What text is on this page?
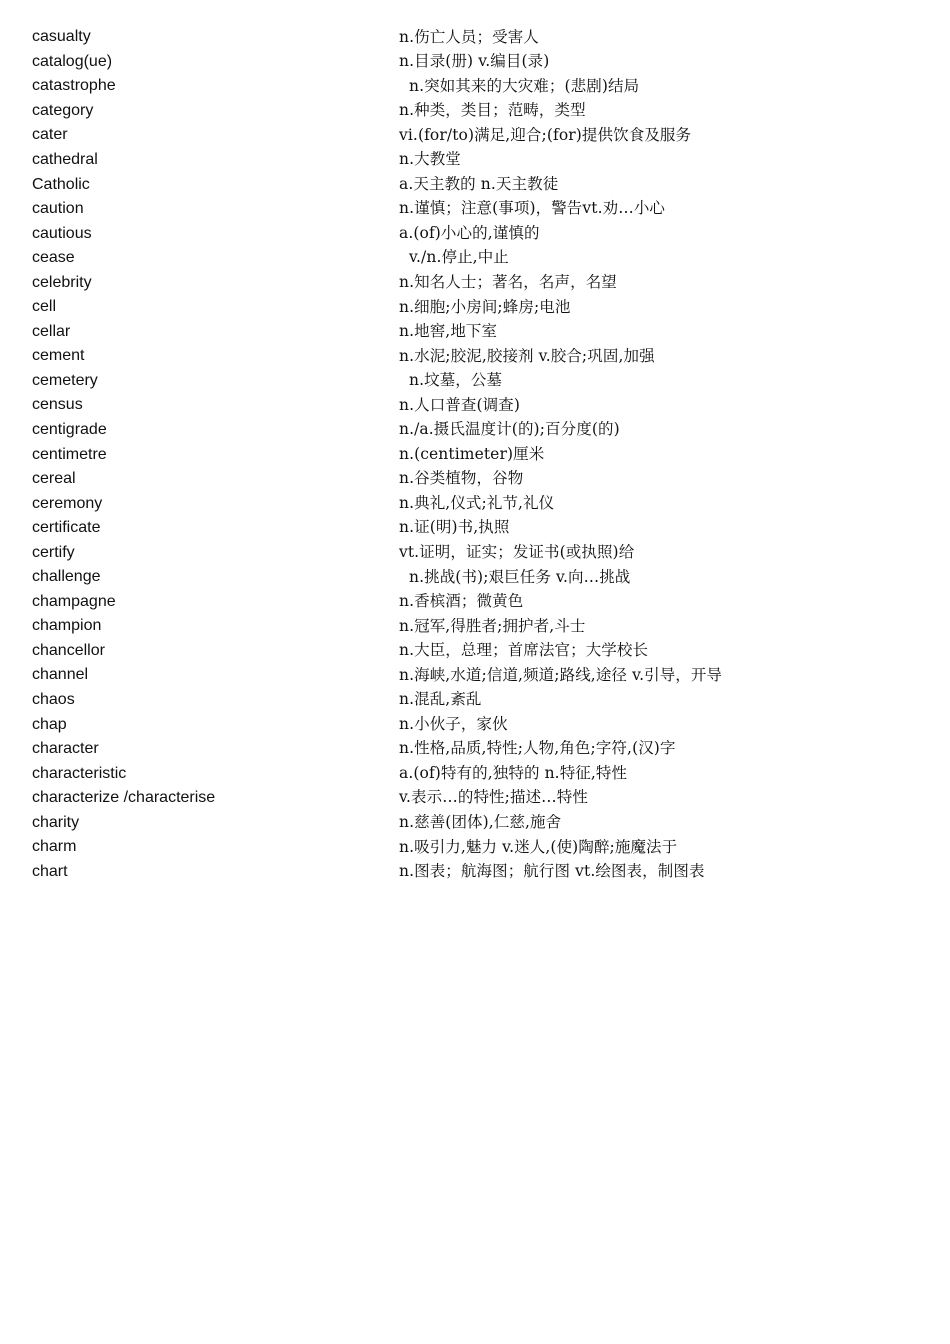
casualty	n.伤亡人员；受害人
catalog(ue)	n.目录(册) v.编目(录)
catastrophe	n.突如其来的大灾难；(悲剧)结局
category	n.种类，类目；范畴，类型
cater	vi.(for/to)满足,迎合;(for)提供饮食及服务
cathedral	n.大教堂
Catholic	a.天主教的 n.天主教徒
caution	n.谨慎；注意(事项)，警告vt.劝…小心
cautious	a.(of)小心的,谨慎的
cease	v./n.停止,中止
celebrity	n.知名人士；著名，名声，名望
cell	n.细胞;小房间;蜂房;电池
cellar	n.地窖,地下室
cement	n.水泥;胶泥,胶接剂 v.胶合;巩固,加强
cemetery	n.坟墓，公墓
census	n.人口普查(调查)
centigrade	n./a.摄氏温度计(的);百分度(的)
centimetre	n.(centimeter)厘米
cereal	n.谷类植物，谷物
ceremony	n.典礼,仪式;礼节,礼仪
certificate	n.证(明)书,执照
certify	vt.证明，证实；发证书(或执照)给
challenge	n.挑战(书);艰巨任务 v.向…挑战
champagne	n.香槟酒；微黄色
champion	n.冠军,得胜者;拥护者,斗士
chancellor	n.大臣，总理；首席法官；大学校长
channel	n.海峡,水道;信道,频道;路线,途径 v.引导，开导
chaos	n.混乱,紊乱
chap	n.小伙子，家伙
character	n.性格,品质,特性;人物,角色;字符,(汉)字
characteristic	a.(of)特有的,独特的 n.特征,特性
characterize /characterise	v.表示…的特性;描述…特性
charity	n.慈善(团体),仁慈,施舍
charm	n.吸引力,魅力 v.迷人,(使)陶醉;施魔法于
chart	n.图表；航海图；航行图 vt.绘图表，制图表
